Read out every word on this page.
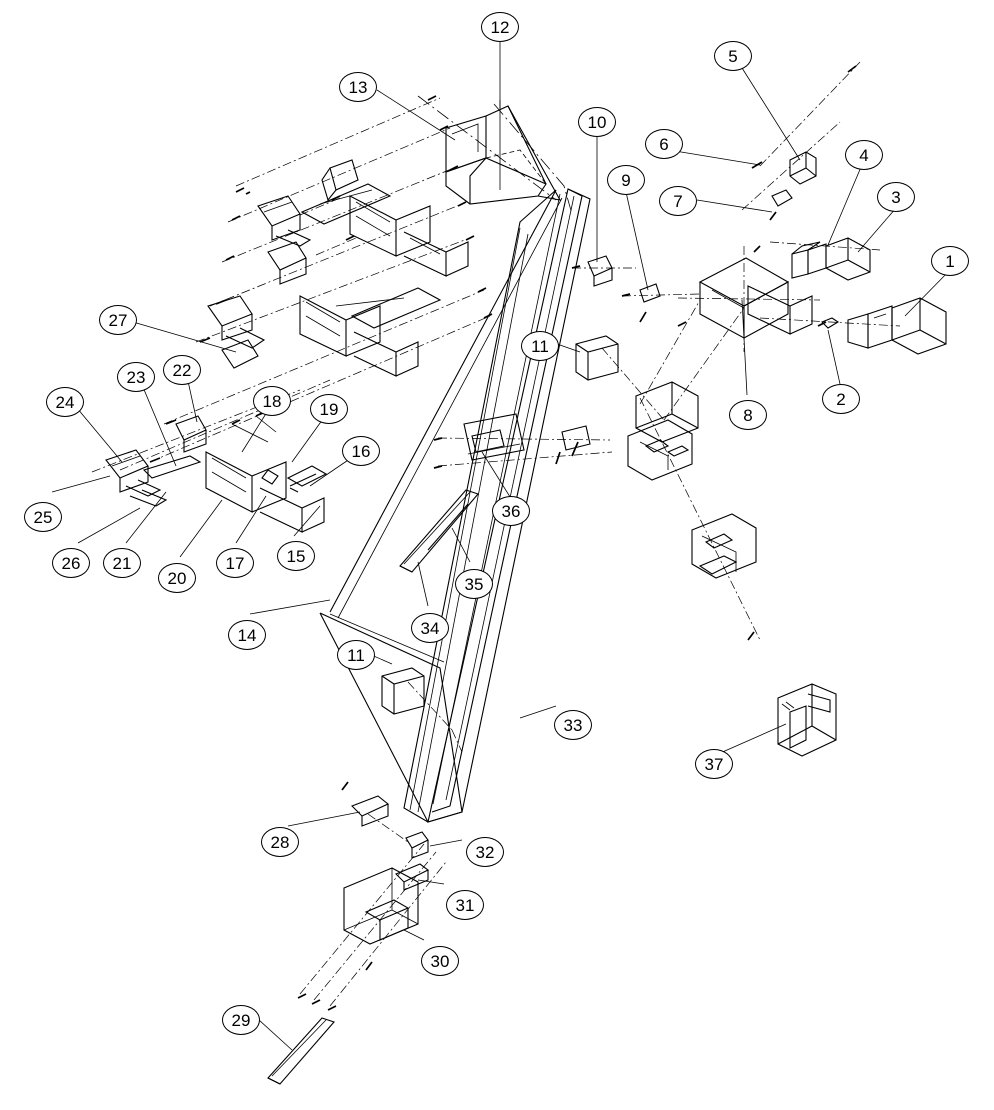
12
5
13
10
6
4
9
7	3
1
27
11
2
22
23
8
18	19
24
16
25	36
15
26	21	17
20	35
14	34
11
33
37
28
32
31
30
29
